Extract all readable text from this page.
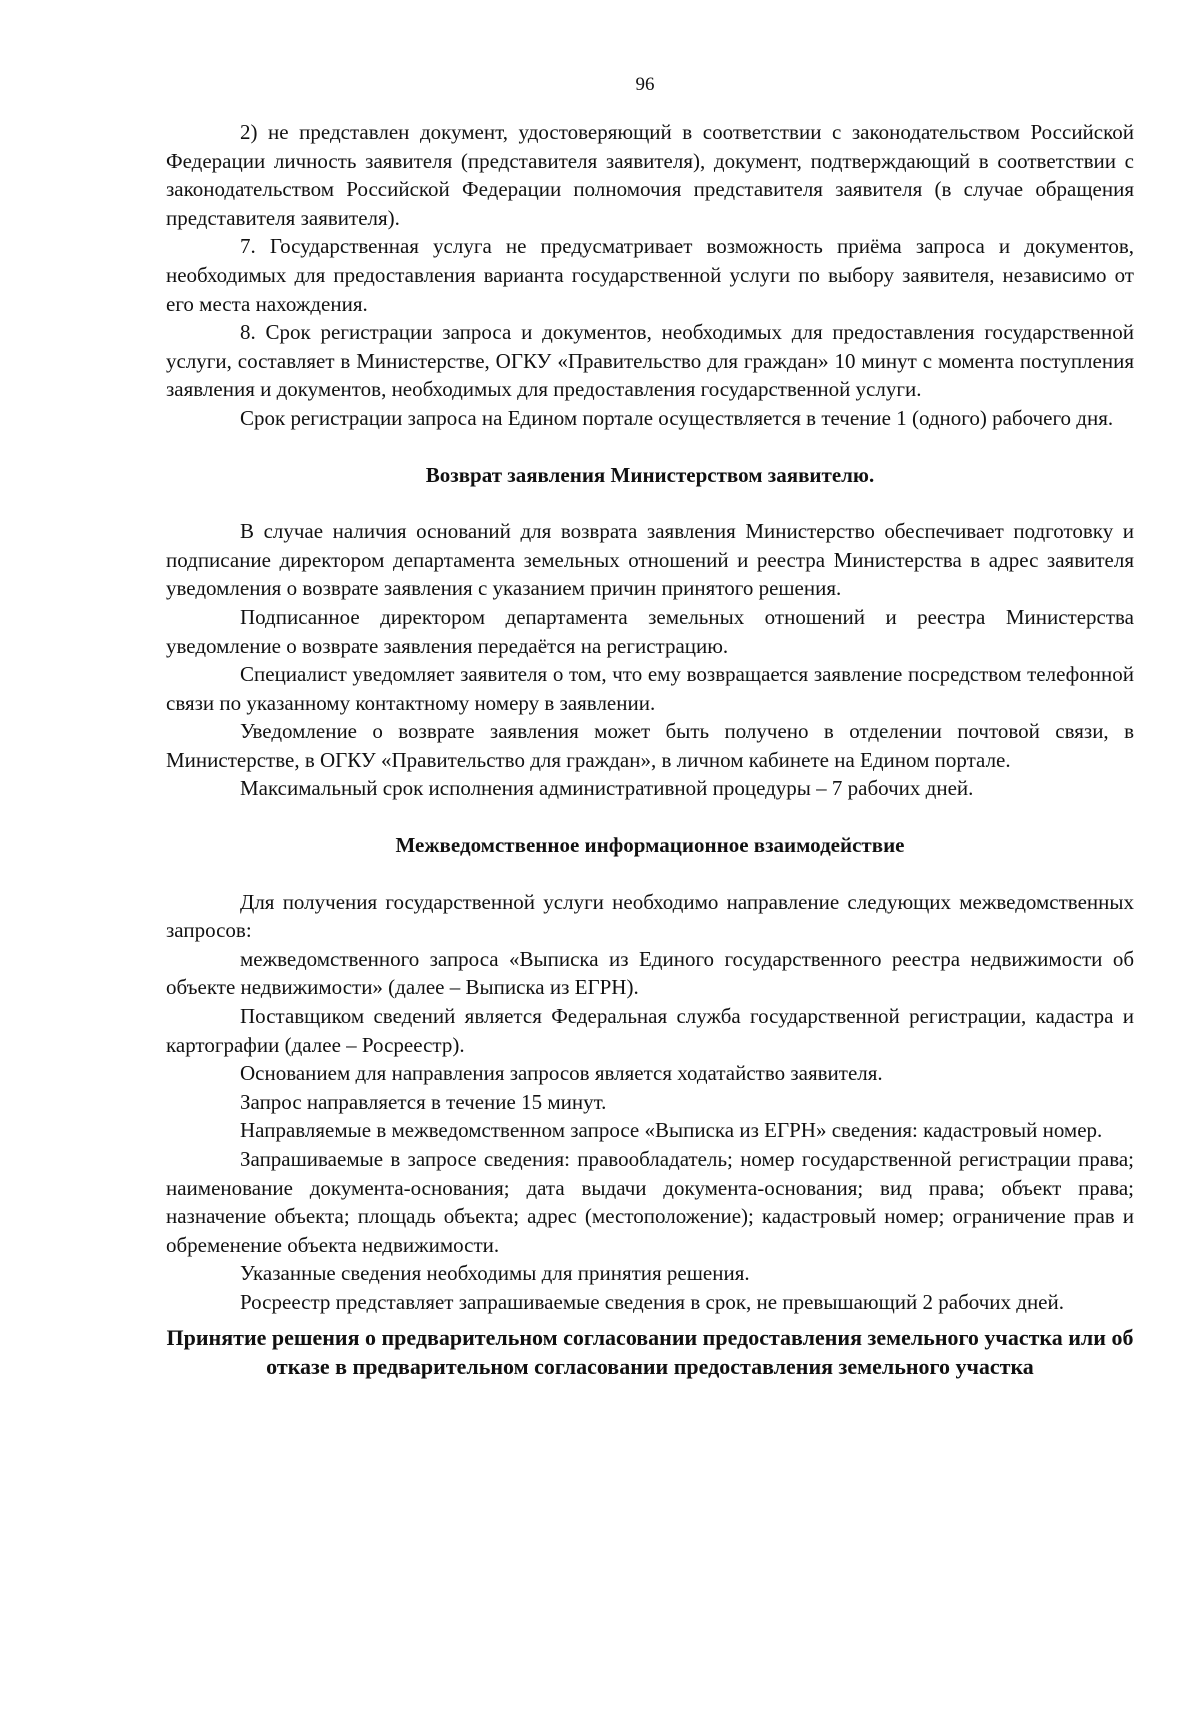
96

2) не представлен документ, удостоверяющий в соответствии с законодательством Российской Федерации личность заявителя (представителя заявителя), документ, подтверждающий в соответствии с законодательством Российской Федерации полномочия представителя заявителя (в случае обращения представителя заявителя).

7. Государственная услуга не предусматривает возможность приёма запроса и документов, необходимых для предоставления варианта государственной услуги по выбору заявителя, независимо от его места нахождения.

8. Срок регистрации запроса и документов, необходимых для предоставления государственной услуги, составляет в Министерстве, ОГКУ «Правительство для граждан» 10 минут с момента поступления заявления и документов, необходимых для предоставления государственной услуги.

Срок регистрации запроса на Едином портале осуществляется в течение 1 (одного) рабочего дня.

Возврат заявления Министерством заявителю.

В случае наличия оснований для возврата заявления Министерство обеспечивает подготовку и подписание директором департамента земельных отношений и реестра Министерства в адрес заявителя уведомления о возврате заявления с указанием причин принятого решения.

Подписанное директором департамента земельных отношений и реестра Министерства уведомление о возврате заявления передаётся на регистрацию.

Специалист уведомляет заявителя о том, что ему возвращается заявление посредством телефонной связи по указанному контактному номеру в заявлении.

Уведомление о возврате заявления может быть получено в отделении почтовой связи, в Министерстве, в ОГКУ «Правительство для граждан», в личном кабинете на Едином портале.

Максимальный срок исполнения административной процедуры – 7 рабочих дней.

Межведомственное информационное взаимодействие

Для получения государственной услуги необходимо направление следующих межведомственных запросов:

межведомственного запроса «Выписка из Единого государственного реестра недвижимости об объекте недвижимости» (далее – Выписка из ЕГРН).

Поставщиком сведений является Федеральная служба государственной регистрации, кадастра и картографии (далее – Росреестр).

Основанием для направления запросов является ходатайство заявителя.

Запрос направляется в течение 15 минут.

Направляемые в межведомственном запросе «Выписка из ЕГРН» сведения: кадастровый номер.

Запрашиваемые в запросе сведения: правообладатель; номер государственной регистрации права; наименование документа-основания; дата выдачи документа-основания; вид права; объект права; назначение объекта; площадь объекта; адрес (местоположение); кадастровый номер; ограничение прав и обременение объекта недвижимости.

Указанные сведения необходимы для принятия решения.

Росреестр представляет запрашиваемые сведения в срок, не превышающий 2 рабочих дней.

Принятие решения о предварительном согласовании предоставления земельного участка или об отказе в предварительном согласовании предоставления земельного участка
